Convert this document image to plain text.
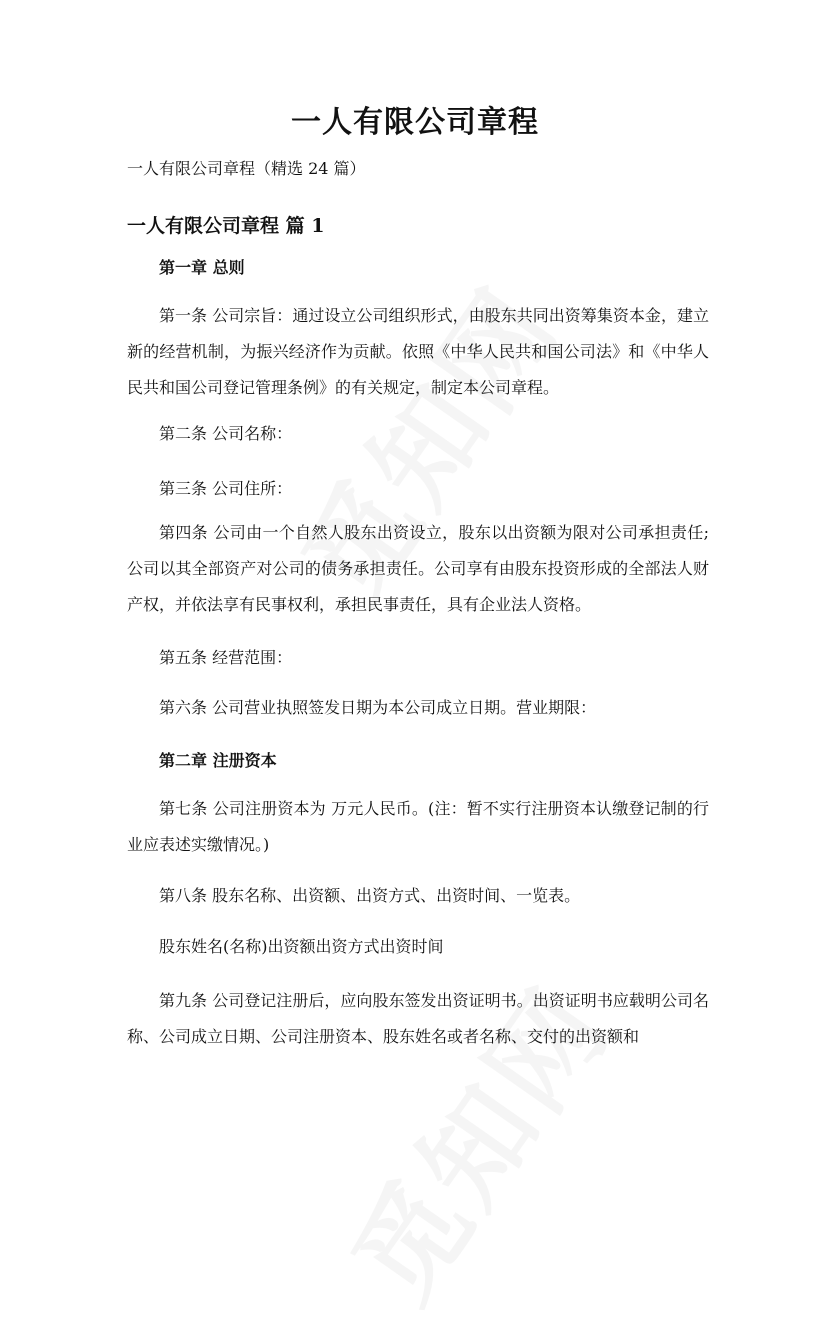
一人有限公司章程

一人有限公司章程（精选 24 篇）

一人有限公司章程 篇 1

第一章 总则

第一条 公司宗旨：通过设立公司组织形式，由股东共同出资筹集资本金，建立新的经营机制，为振兴经济作为贡献。依照《中华人民共和国公司法》和《中华人民共和国公司登记管理条例》的有关规定，制定本公司章程。

第二条 公司名称：

第三条 公司住所：

第四条 公司由一个自然人股东出资设立，股东以出资额为限对公司承担责任;公司以其全部资产对公司的债务承担责任。公司享有由股东投资形成的全部法人财产权，并依法享有民事权利，承担民事责任，具有企业法人资格。

第五条 经营范围：

第六条 公司营业执照签发日期为本公司成立日期。营业期限：

第二章 注册资本

第七条 公司注册资本为 万元人民币。(注：暂不实行注册资本认缴登记制的行业应表述实缴情况。)

第八条 股东名称、出资额、出资方式、出资时间、一览表。

股东姓名(名称)出资额出资方式出资时间

第九条 公司登记注册后，应向股东签发出资证明书。出资证明书应载明公司名称、公司成立日期、公司注册资本、股东姓名或者名称、交付的出资额和
